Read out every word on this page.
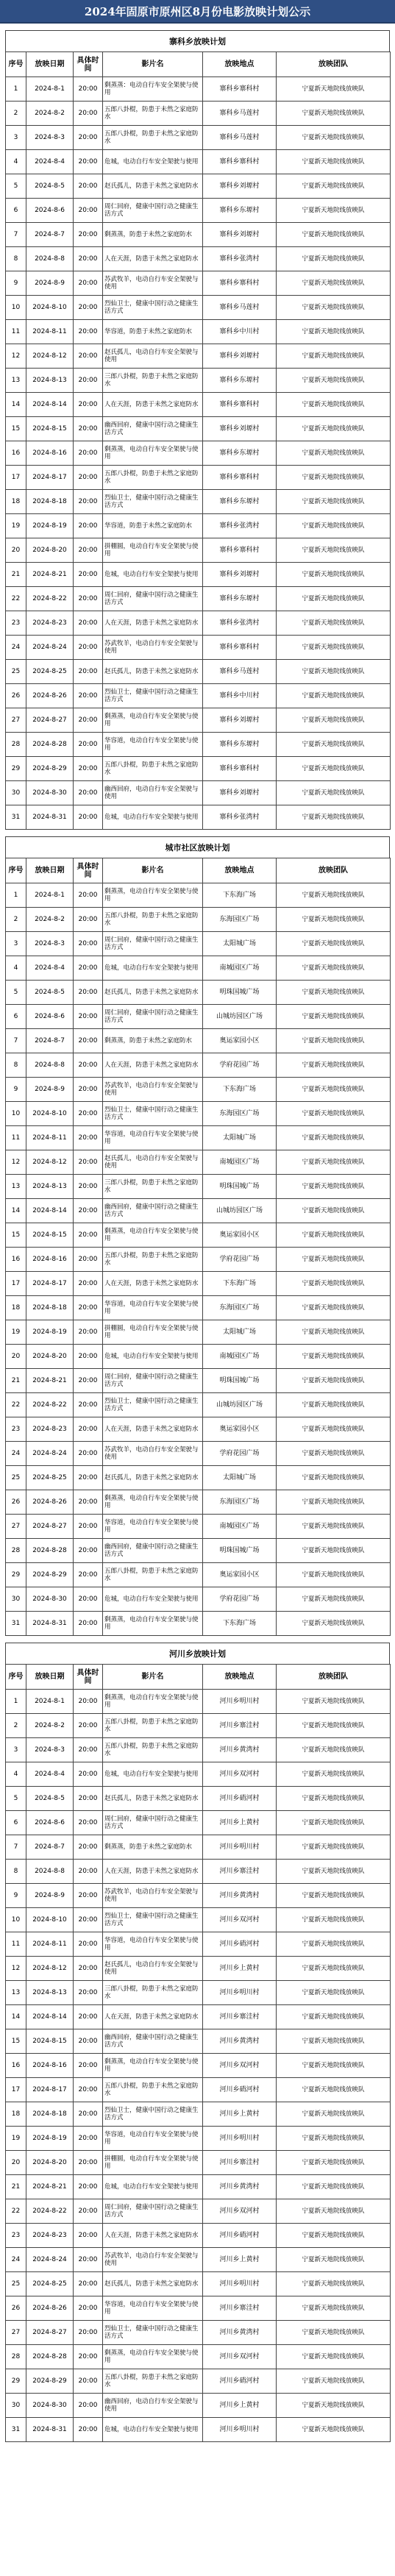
2024年固原市原州区8月份电影放映计划公示
寨科乡放映计划
序号	放映日期	具体时间	影片名	放映地点	放映团队
1	2024-8-1	20:00	剩蒸蒸：电动自行车安全架驶与使用	寨科乡寨科村	宁夏新天地院线放映队
2	2024-8-2	20:00	五郎八卦棍，防患于未然之家庭防水	寨科乡马莲村	宁夏新天地院线放映队
3	2024-8-3	20:00	五郎八卦棍，防患于未然之家庭防水	寨科乡马莲村	宁夏新天地院线放映队
4	2024-8-4	20:00	危城，电动自行车安全架驶与使用	寨科乡寨科村	宁夏新天地院线放映队
5	2024-8-5	20:00	赵氏孤儿，防患于未然之家庭防水	寨科乡刘塬村	宁夏新天地院线放映队
6	2024-8-6	20:00	周仁回府，健康中国行动之健康生活方式	寨科乡东塬村	宁夏新天地院线放映队
7	2024-8-7	20:00	剩蒸蒸，防患于未然之家庭防水	寨科乡刘塬村	宁夏新天地院线放映队
8	2024-8-8	20:00	人在天涯，防患于未然之家庭防水	寨科乡张湾村	宁夏新天地院线放映队
9	2024-8-9	20:00	苏武牧羊，电动自行车安全架驶与使用	寨科乡寨科村	宁夏新天地院线放映队
10	2024-8-10	20:00	烈仙卫士，健康中国行动之健康生活方式	寨科乡马莲村	宁夏新天地院线放映队
11	2024-8-11	20:00	华容道，防患于未然之家庭防水	寨科乡中川村	宁夏新天地院线放映队
12	2024-8-12	20:00	赵氏孤儿，电动自行车安全架驶与使用	寨科乡刘塬村	宁夏新天地院线放映队
13	2024-8-13	20:00	三郎八卦棍，防患于未然之家庭防水	寨科乡东塬村	宁夏新天地院线放映队
14	2024-8-14	20:00	人在天涯，防患于未然之家庭防水	寨科乡寨科村	宁夏新天地院线放映队
15	2024-8-15	20:00	幽西回府，健康中国行动之健康生活方式	寨科乡刘塬村	宁夏新天地院线放映队
16	2024-8-16	20:00	剩蒸蒸，电动自行车安全架驶与使用	寨科乡东塬村	宁夏新天地院线放映队
17	2024-8-17	20:00	五郎八卦棍，防患于未然之家庭防水	寨科乡寨科村	宁夏新天地院线放映队
18	2024-8-18	20:00	烈仙卫士，健康中国行动之健康生活方式	寨科乡东塬村	宁夏新天地院线放映队
19	2024-8-19	20:00	华容道，防患于未然之家庭防水	寨科乡张湾村	宁夏新天地院线放映队
20	2024-8-20	20:00	拼棚圆，电动自行车安全架驶与使用	寨科乡寨科村	宁夏新天地院线放映队
21	2024-8-21	20:00	危城，电动自行车安全架驶与使用	寨科乡刘塬村	宁夏新天地院线放映队
22	2024-8-22	20:00	周仁回府，健康中国行动之健康生活方式	寨科乡东塬村	宁夏新天地院线放映队
23	2024-8-23	20:00	人在天涯，防患于未然之家庭防水	寨科乡张湾村	宁夏新天地院线放映队
24	2024-8-24	20:00	苏武牧羊，电动自行车安全架驶与使用	寨科乡寨科村	宁夏新天地院线放映队
25	2024-8-25	20:00	赵氏孤儿，防患于未然之家庭防水	寨科乡马莲村	宁夏新天地院线放映队
26	2024-8-26	20:00	烈仙卫士，健康中国行动之健康生活方式	寨科乡中川村	宁夏新天地院线放映队
27	2024-8-27	20:00	剩蒸蒸，电动自行车安全架驶与使用	寨科乡刘塬村	宁夏新天地院线放映队
28	2024-8-28	20:00	华容道，电动自行车安全架驶与使用	寨科乡东塬村	宁夏新天地院线放映队
29	2024-8-29	20:00	五郎八卦棍，防患于未然之家庭防水	寨科乡寨科村	宁夏新天地院线放映队
30	2024-8-30	20:00	幽西回府，电动自行车安全架驶与使用	寨科乡刘塬村	宁夏新天地院线放映队
31	2024-8-31	20:00	危城，电动自行车安全架驶与使用	寨科乡张湾村	宁夏新天地院线放映队
城市社区放映计划
序号	放映日期	具体时间	影片名	放映地点	放映团队
1	2024-8-1	20:00	剩蒸蒸，电动自行车安全架驶与使用	下东海广场	宁夏新天地院线放映队
2	2024-8-2	20:00	五郎八卦棍，防患于未然之家庭防水	东海园区广场	宁夏新天地院线放映队
3	2024-8-3	20:00	周仁回府，健康中国行动之健康生活方式	太阳城广场	宁夏新天地院线放映队
4	2024-8-4	20:00	危城，电动自行车安全架驶与使用	南城园区广场	宁夏新天地院线放映队
5	2024-8-5	20:00	赵氏孤儿，防患于未然之家庭防水	明珠国城广场	宁夏新天地院线放映队
6	2024-8-6	20:00	周仁回府，健康中国行动之健康生活方式	山城坊园区广场	宁夏新天地院线放映队
7	2024-8-7	20:00	剩蒸蒸，防患于未然之家庭防水	奥运家园小区	宁夏新天地院线放映队
8	2024-8-8	20:00	人在天涯，防患于未然之家庭防水	学府花园广场	宁夏新天地院线放映队
9	2024-8-9	20:00	苏武牧羊，电动自行车安全架驶与使用	下东海广场	宁夏新天地院线放映队
10	2024-8-10	20:00	烈仙卫士，健康中国行动之健康生活方式	东海园区广场	宁夏新天地院线放映队
11	2024-8-11	20:00	华容道，电动自行车安全架驶与使用	太阳城广场	宁夏新天地院线放映队
12	2024-8-12	20:00	赵氏孤儿，电动自行车安全架驶与使用	南城园区广场	宁夏新天地院线放映队
13	2024-8-13	20:00	三郎八卦棍，防患于未然之家庭防水	明珠国城广场	宁夏新天地院线放映队
14	2024-8-14	20:00	幽西回府，健康中国行动之健康生活方式	山城坊园区广场	宁夏新天地院线放映队
15	2024-8-15	20:00	剩蒸蒸，电动自行车安全架驶与使用	奥运家园小区	宁夏新天地院线放映队
16	2024-8-16	20:00	五郎八卦棍，防患于未然之家庭防水	学府花园广场	宁夏新天地院线放映队
17	2024-8-17	20:00	人在天涯，防患于未然之家庭防水	下东海广场	宁夏新天地院线放映队
18	2024-8-18	20:00	华容道，电动自行车安全架驶与使用	东海园区广场	宁夏新天地院线放映队
19	2024-8-19	20:00	拼棚圆，电动自行车安全架驶与使用	太阳城广场	宁夏新天地院线放映队
20	2024-8-20	20:00	危城，电动自行车安全架驶与使用	南城园区广场	宁夏新天地院线放映队
21	2024-8-21	20:00	周仁回府，健康中国行动之健康生活方式	明珠国城广场	宁夏新天地院线放映队
22	2024-8-22	20:00	烈仙卫士，健康中国行动之健康生活方式	山城坊园区广场	宁夏新天地院线放映队
23	2024-8-23	20:00	人在天涯，防患于未然之家庭防水	奥运家园小区	宁夏新天地院线放映队
24	2024-8-24	20:00	苏武牧羊，电动自行车安全架驶与使用	学府花园广场	宁夏新天地院线放映队
25	2024-8-25	20:00	赵氏孤儿，防患于未然之家庭防水	太阳城广场	宁夏新天地院线放映队
26	2024-8-26	20:00	剩蒸蒸，电动自行车安全架驶与使用	东海园区广场	宁夏新天地院线放映队
27	2024-8-27	20:00	华容道，电动自行车安全架驶与使用	南城园区广场	宁夏新天地院线放映队
28	2024-8-28	20:00	幽西回府，健康中国行动之健康生活方式	明珠国城广场	宁夏新天地院线放映队
29	2024-8-29	20:00	五郎八卦棍，防患于未然之家庭防水	奥运家园小区	宁夏新天地院线放映队
30	2024-8-30	20:00	危城，电动自行车安全架驶与使用	学府花园广场	宁夏新天地院线放映队
31	2024-8-31	20:00	剩蒸蒸，电动自行车安全架驶与使用	下东海广场	宁夏新天地院线放映队
河川乡放映计划
序号	放映日期	具体时间	影片名	放映地点	放映团队
1	2024-8-1	20:00	剩蒸蒸，电动自行车安全架驶与使用	河川乡明川村	宁夏新天地院线放映队
2	2024-8-2	20:00	五郎八卦棍，防患于未然之家庭防水	河川乡寨洼村	宁夏新天地院线放映队
3	2024-8-3	20:00	五郎八卦棍，防患于未然之家庭防水	河川乡黄湾村	宁夏新天地院线放映队
4	2024-8-4	20:00	危城，电动自行车安全架驶与使用	河川乡双河村	宁夏新天地院线放映队
5	2024-8-5	20:00	赵氏孤儿，防患于未然之家庭防水	河川乡硝河村	宁夏新天地院线放映队
6	2024-8-6	20:00	周仁回府，健康中国行动之健康生活方式	河川乡上黄村	宁夏新天地院线放映队
7	2024-8-7	20:00	剩蒸蒸，防患于未然之家庭防水	河川乡明川村	宁夏新天地院线放映队
8	2024-8-8	20:00	人在天涯，防患于未然之家庭防水	河川乡寨洼村	宁夏新天地院线放映队
9	2024-8-9	20:00	苏武牧羊，电动自行车安全架驶与使用	河川乡黄湾村	宁夏新天地院线放映队
10	2024-8-10	20:00	烈仙卫士，健康中国行动之健康生活方式	河川乡双河村	宁夏新天地院线放映队
11	2024-8-11	20:00	华容道，电动自行车安全架驶与使用	河川乡硝河村	宁夏新天地院线放映队
12	2024-8-12	20:00	赵氏孤儿，电动自行车安全架驶与使用	河川乡上黄村	宁夏新天地院线放映队
13	2024-8-13	20:00	三郎八卦棍，防患于未然之家庭防水	河川乡明川村	宁夏新天地院线放映队
14	2024-8-14	20:00	人在天涯，防患于未然之家庭防水	河川乡寨洼村	宁夏新天地院线放映队
15	2024-8-15	20:00	幽西回府，健康中国行动之健康生活方式	河川乡黄湾村	宁夏新天地院线放映队
16	2024-8-16	20:00	剩蒸蒸，电动自行车安全架驶与使用	河川乡双河村	宁夏新天地院线放映队
17	2024-8-17	20:00	五郎八卦棍，防患于未然之家庭防水	河川乡硝河村	宁夏新天地院线放映队
18	2024-8-18	20:00	烈仙卫士，健康中国行动之健康生活方式	河川乡上黄村	宁夏新天地院线放映队
19	2024-8-19	20:00	华容道，电动自行车安全架驶与使用	河川乡明川村	宁夏新天地院线放映队
20	2024-8-20	20:00	拼棚圆，电动自行车安全架驶与使用	河川乡寨洼村	宁夏新天地院线放映队
21	2024-8-21	20:00	危城，电动自行车安全架驶与使用	河川乡黄湾村	宁夏新天地院线放映队
22	2024-8-22	20:00	周仁回府，健康中国行动之健康生活方式	河川乡双河村	宁夏新天地院线放映队
23	2024-8-23	20:00	人在天涯，防患于未然之家庭防水	河川乡硝河村	宁夏新天地院线放映队
24	2024-8-24	20:00	苏武牧羊，电动自行车安全架驶与使用	河川乡上黄村	宁夏新天地院线放映队
25	2024-8-25	20:00	赵氏孤儿，防患于未然之家庭防水	河川乡明川村	宁夏新天地院线放映队
26	2024-8-26	20:00	华容道，电动自行车安全架驶与使用	河川乡寨洼村	宁夏新天地院线放映队
27	2024-8-27	20:00	烈仙卫士，健康中国行动之健康生活方式	河川乡黄湾村	宁夏新天地院线放映队
28	2024-8-28	20:00	剩蒸蒸，电动自行车安全架驶与使用	河川乡双河村	宁夏新天地院线放映队
29	2024-8-29	20:00	五郎八卦棍，防患于未然之家庭防水	河川乡硝河村	宁夏新天地院线放映队
30	2024-8-30	20:00	幽西回府，电动自行车安全架驶与使用	河川乡上黄村	宁夏新天地院线放映队
31	2024-8-31	20:00	危城，电动自行车安全架驶与使用	河川乡明川村	宁夏新天地院线放映队
